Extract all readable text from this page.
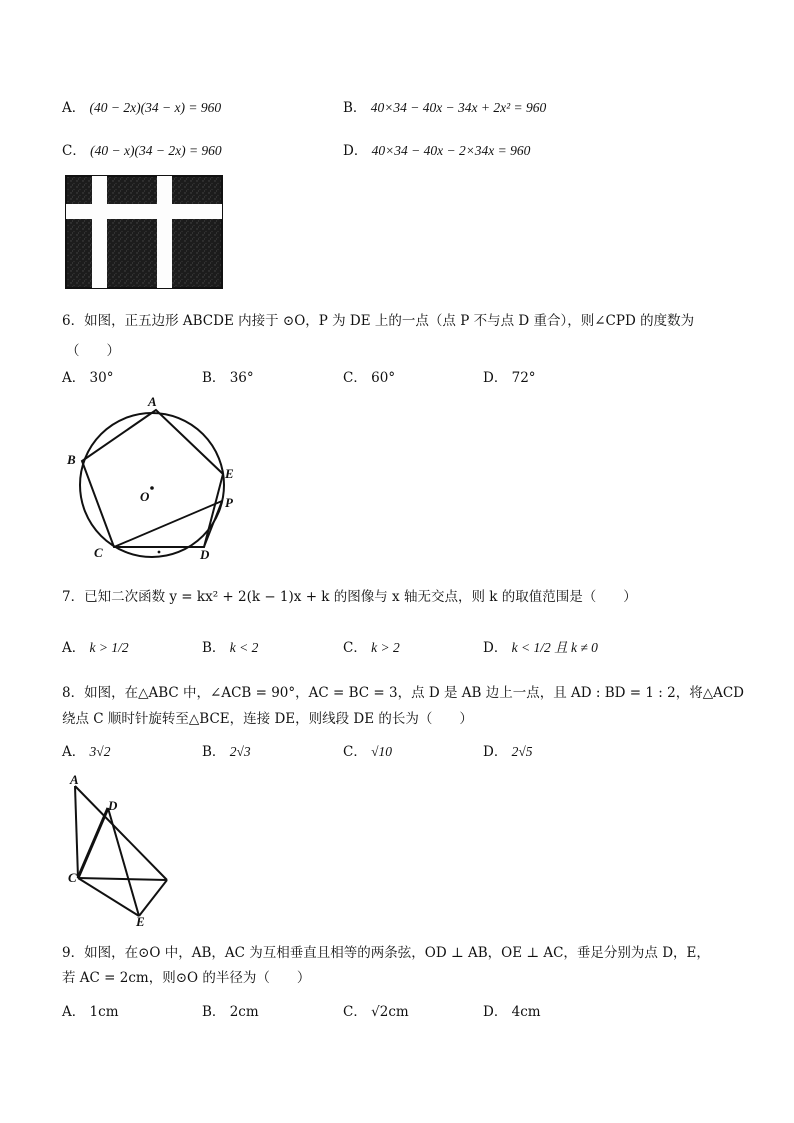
A． (40 − 2x)(34 − x) = 960	B． 40×34 − 40x − 34x + 2x² = 960
C． (40 − x)(34 − 2x) = 960	D． 40×34 − 40x − 2×34x = 960
6．如图，正五边形 ABCDE 内接于 ⊙O，P 为 DE 上的一点（点 P 不与点 D 重合），则∠CPD 的度数为
（　　）
A． 30°	B． 36°	C． 60°	D． 72°
A
B
C	D
E
P
O
7．已知二次函数 y = kx² + 2(k − 1)x + k 的图像与 x 轴无交点，则 k 的取值范围是（　　）
A． k > 1/2	B． k < 2	C． k > 2	D． k < 1/2 且 k ≠ 0
8．如图，在△ABC 中，∠ACB = 90°，AC = BC = 3，点 D 是 AB 边上一点，且 AD : BD = 1 : 2，将△ACD
绕点 C 顺时针旋转至△BCE，连接 DE，则线段 DE 的长为（　　）
A． 3√2	B． 2√3	C． √10	D． 2√5
A
D
C
E
9．如图，在⊙O 中，AB，AC 为互相垂直且相等的两条弦，OD ⊥ AB，OE ⊥ AC，垂足分别为点 D，E，
若 AC = 2cm，则⊙O 的半径为（　　）
A． 1cm	B． 2cm	C． √2cm	D． 4cm
